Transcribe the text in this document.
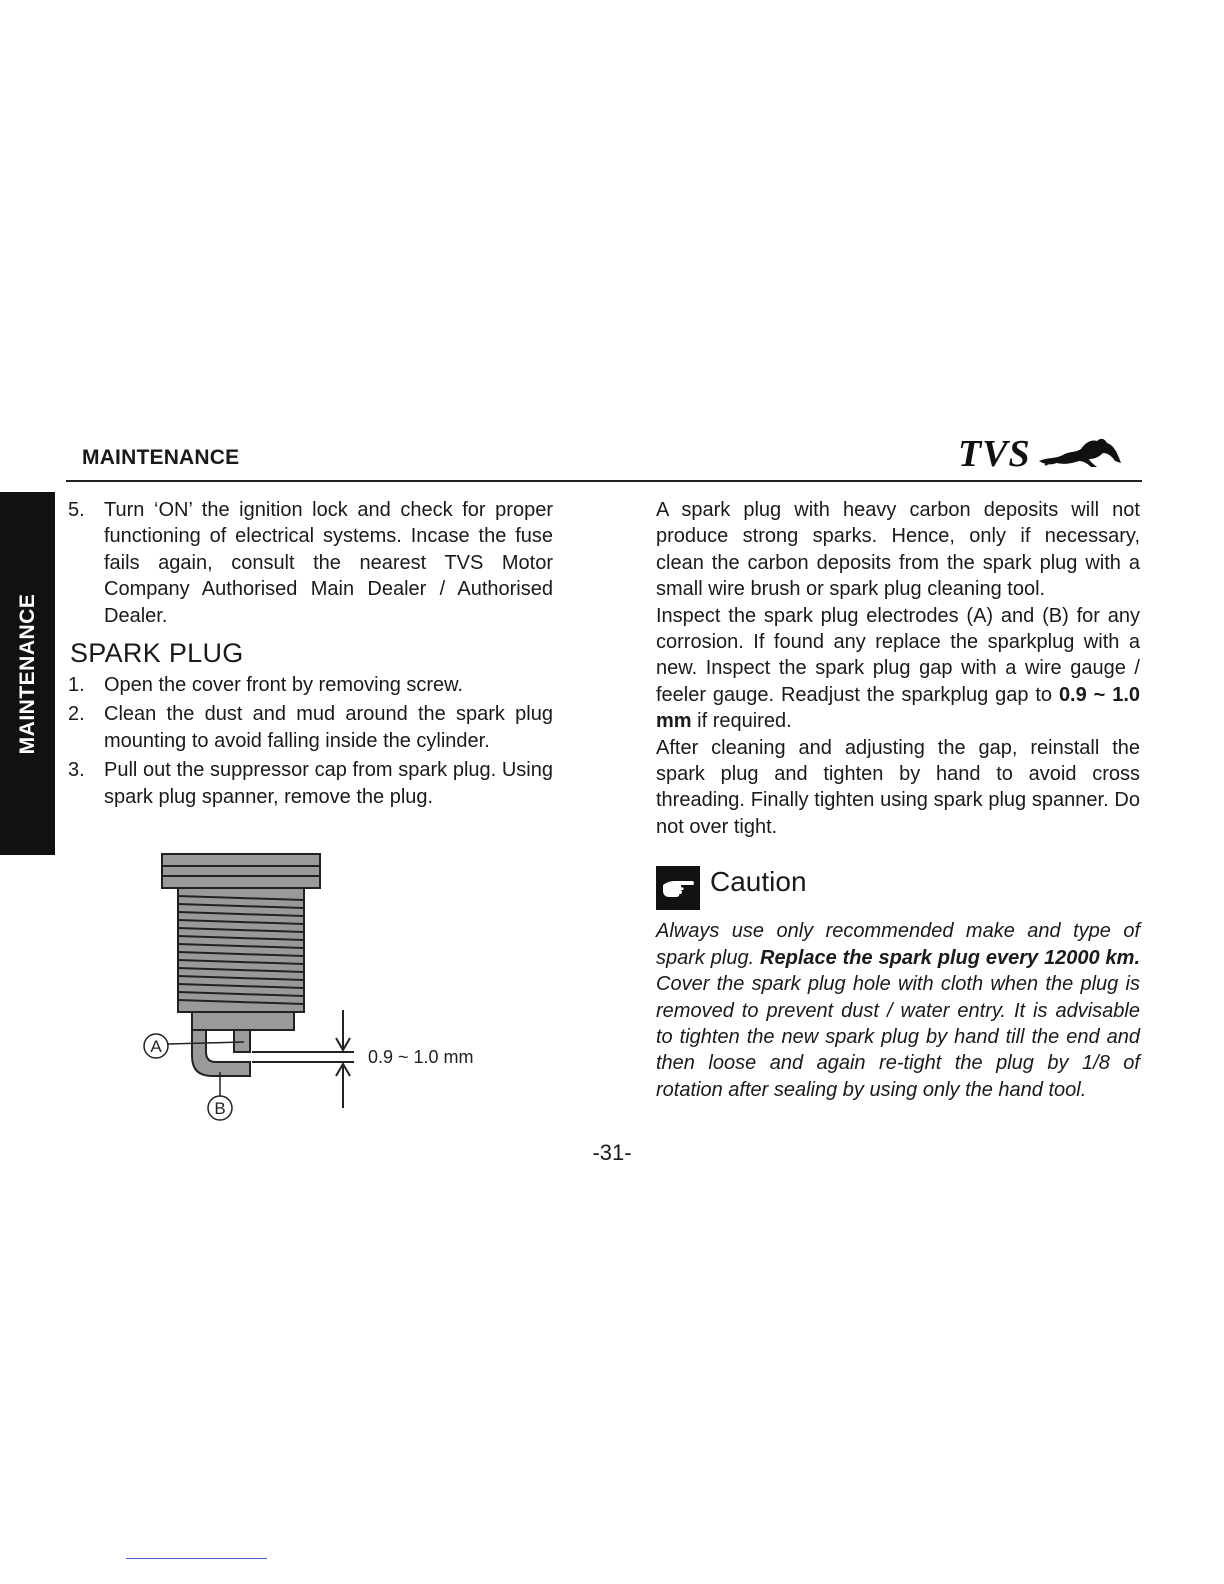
MAINTENANCE	TVS
MAINTENANCE
5. Turn ‘ON’ the ignition lock and check for proper functioning of electrical systems. Incase the fuse fails again, consult the nearest TVS Motor Company Authorised Main Dealer / Authorised Dealer.
SPARK PLUG
1. Open the cover front by removing screw.
2. Clean the dust and mud around the spark plug mounting to avoid falling inside the cylinder.
3. Pull out the suppressor cap from spark plug. Using spark plug spanner, remove the plug.
A
B
0.9 ~ 1.0 mm

A spark plug with heavy carbon deposits will not produce strong sparks. Hence, only if necessary, clean the carbon deposits from the spark plug with a small wire brush or spark plug cleaning tool.

Inspect the spark plug electrodes (A) and (B) for any corrosion. If found any replace the sparkplug with a new. Inspect the spark plug gap with a wire gauge / feeler gauge. Readjust the sparkplug gap to 0.9 ~ 1.0 mm if required.

After cleaning and adjusting the gap, reinstall the spark plug and tighten by hand to avoid cross threading. Finally tighten using spark plug spanner. Do not over tight.

Caution

Always use only recommended make and type of spark plug. Replace the spark plug every 12000 km. Cover the spark plug hole with cloth when the plug is removed to prevent dust / water entry. It is advisable to tighten the new spark plug by hand till the end and then loose and again re-tight the plug by 1/8 of rotation after sealing by using only the hand tool.

-31-
